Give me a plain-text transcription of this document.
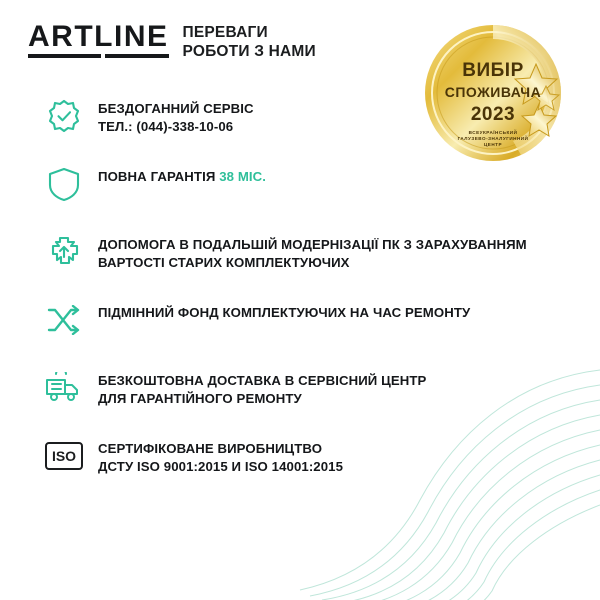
ARTLINE ПЕРЕВАГИ
РОБОТИ З НАМИ
ВИБІР
СПОЖИВАЧА
2023
ВСЕУКРАЇНСЬКИЙ
ГАЛУЗЕВО-ЗНАЛУГИННИЙ
ЦЕНТР
БЕЗДОГАННИЙ СЕРВІС
ТЕЛ.: (044)-338-10-06
ПОВНА ГАРАНТІЯ 38 МІС.
ДОПОМОГА В ПОДАЛЬШІЙ МОДЕРНІЗАЦІЇ ПК З ЗАРАХУВАННЯМ
ВАРТОСТІ СТАРИХ КОМПЛЕКТУЮЧИХ
ПІДМІННИЙ ФОНД КОМПЛЕКТУЮЧИХ НА ЧАС РЕМОНТУ
БЕЗКОШТОВНА ДОСТАВКА В СЕРВІСНИЙ ЦЕНТР
ДЛЯ ГАРАНТІЙНОГО РЕМОНТУ
ISO	СЕРТИФІКОВАНЕ ВИРОБНИЦТВО
ДСТУ ISO 9001:2015 И ISO 14001:2015
